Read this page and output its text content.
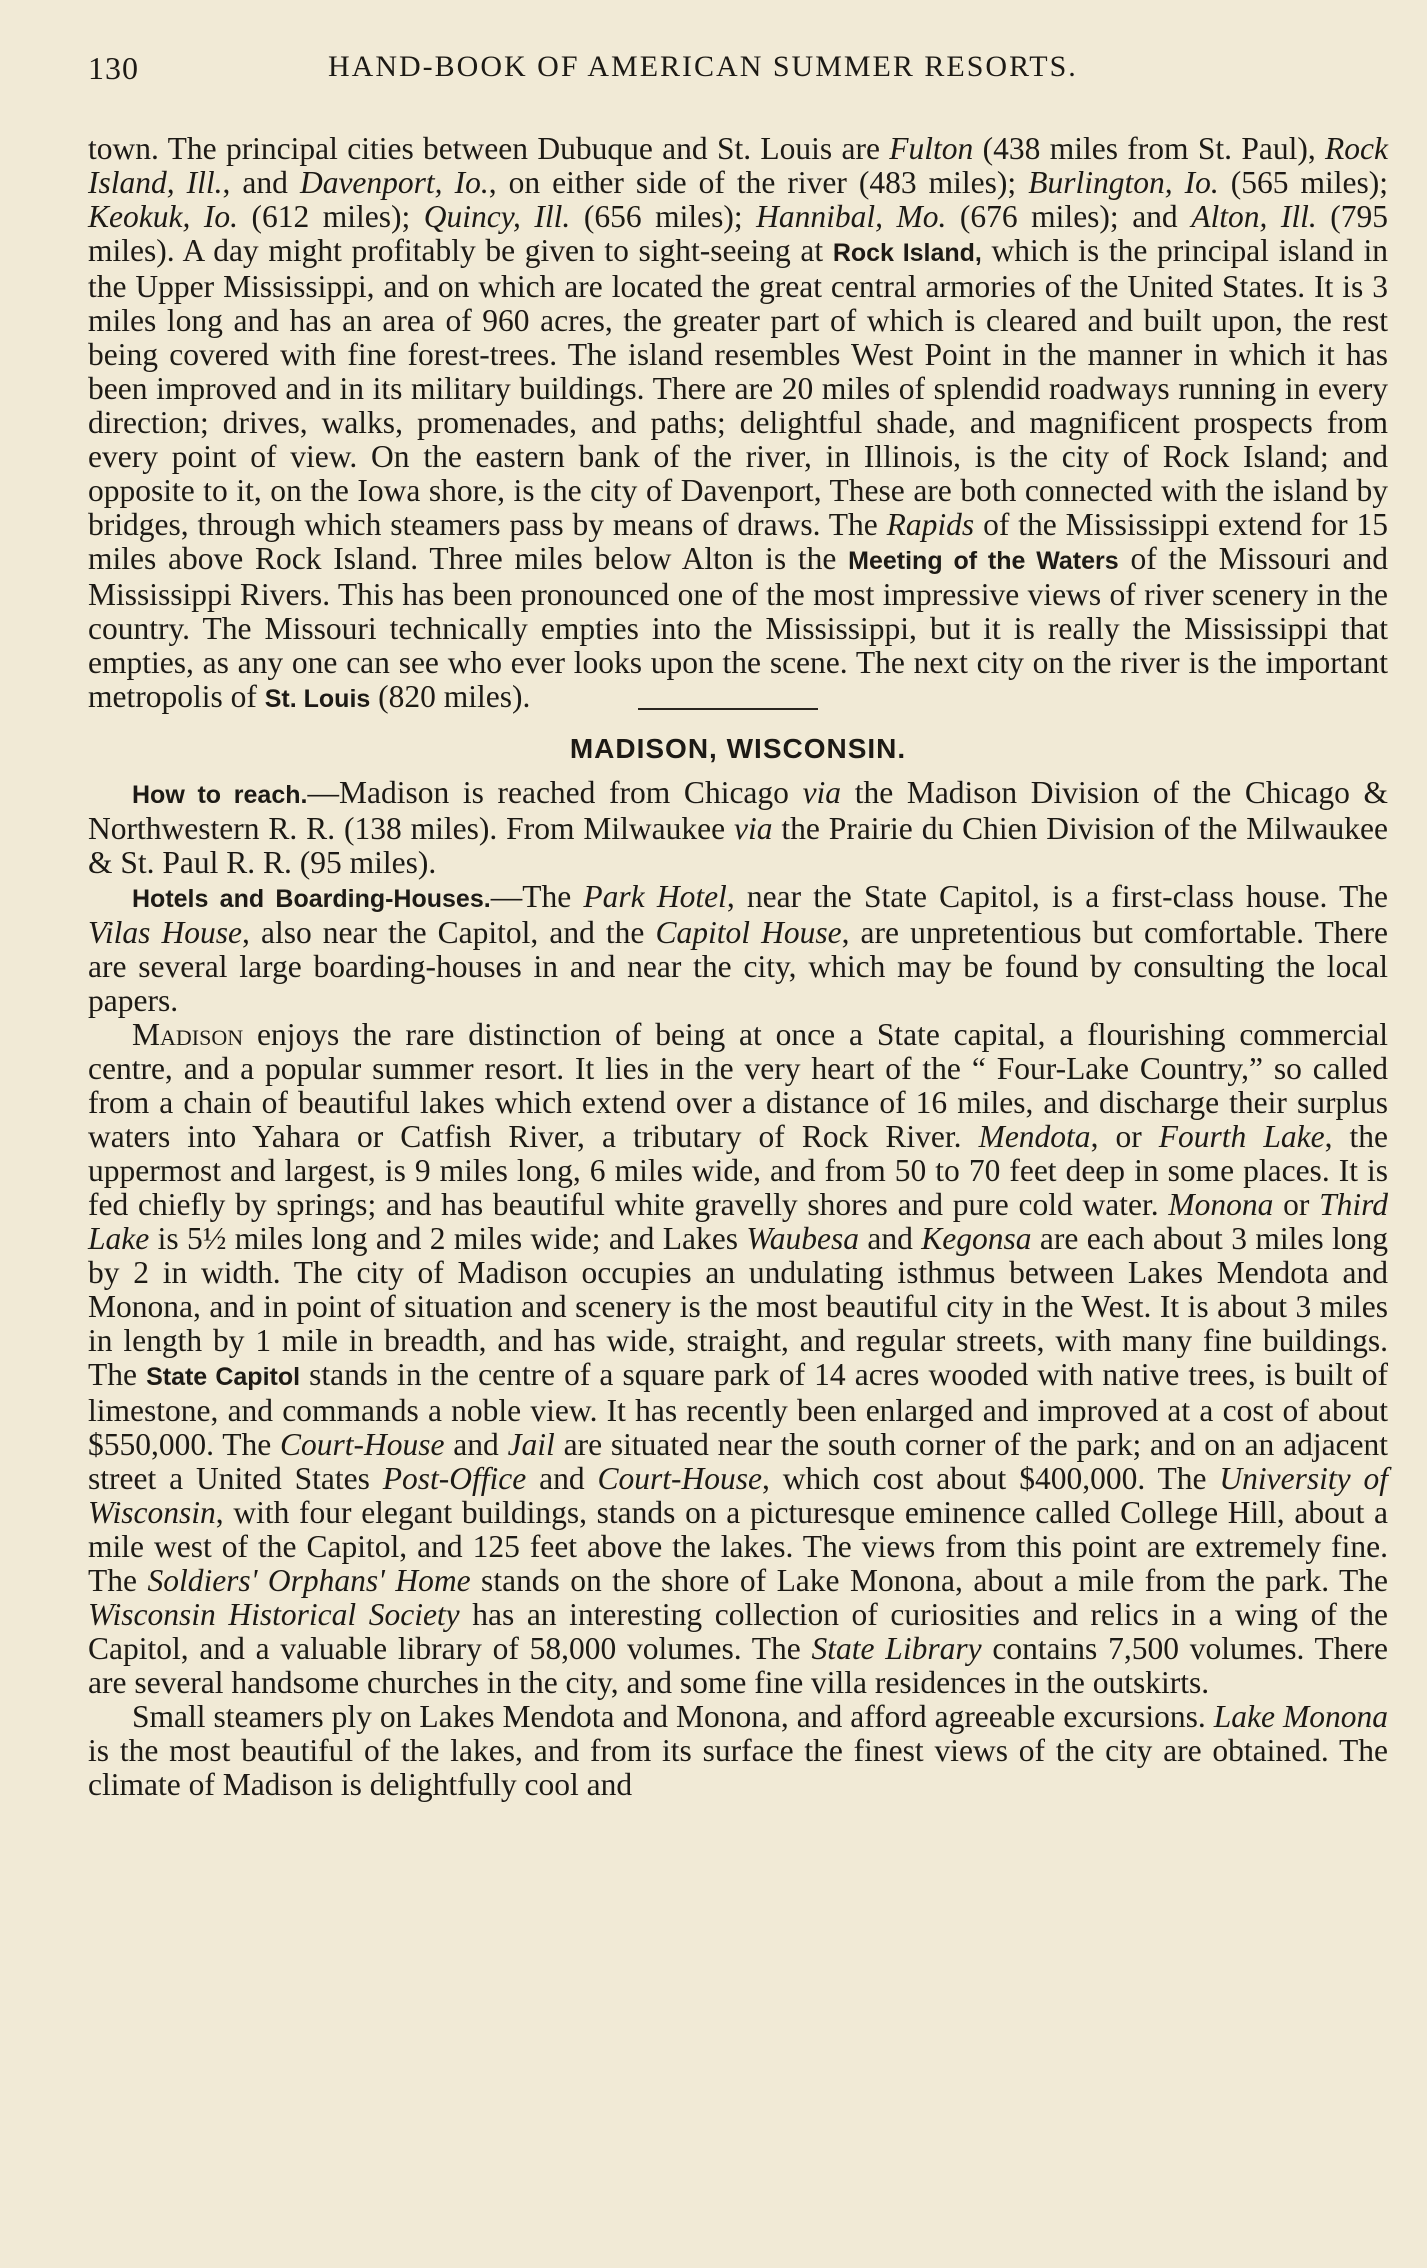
130	HAND-BOOK OF AMERICAN SUMMER RESORTS.

town. The principal cities between Dubuque and St. Louis are Fulton (438 miles from St. Paul), Rock Island, Ill., and Davenport, Io., on either side of the river (483 miles); Burlington, Io. (565 miles); Keokuk, Io. (612 miles); Quincy, Ill. (656 miles); Hannibal, Mo. (676 miles); and Alton, Ill. (795 miles). A day might profitably be given to sight-seeing at Rock Island, which is the principal island in the Upper Mississippi, and on which are located the great central armories of the United States. It is 3 miles long and has an area of 960 acres, the greater part of which is cleared and built upon, the rest being covered with fine forest-trees. The island resembles West Point in the manner in which it has been improved and in its military buildings. There are 20 miles of splendid roadways running in every direction; drives, walks, promenades, and paths; delightful shade, and magnificent prospects from every point of view. On the eastern bank of the river, in Illinois, is the city of Rock Island; and opposite to it, on the Iowa shore, is the city of Davenport, These are both connected with the island by bridges, through which steamers pass by means of draws. The Rapids of the Mississippi extend for 15 miles above Rock Island. Three miles below Alton is the Meeting of the Waters of the Missouri and Mississippi Rivers. This has been pronounced one of the most impressive views of river scenery in the country. The Missouri technically empties into the Mississippi, but it is really the Mississippi that empties, as any one can see who ever looks upon the scene. The next city on the river is the important metropolis of St. Louis (820 miles).

MADISON, WISCONSIN.

How to reach.—Madison is reached from Chicago via the Madison Division of the Chicago & Northwestern R. R. (138 miles). From Milwaukee via the Prairie du Chien Division of the Milwaukee & St. Paul R. R. (95 miles).

Hotels and Boarding-Houses.—The Park Hotel, near the State Capitol, is a first-class house. The Vilas House, also near the Capitol, and the Capitol House, are unpretentious but comfortable. There are several large boarding-houses in and near the city, which may be found by consulting the local papers.

Madison enjoys the rare distinction of being at once a State capital, a flourishing commercial centre, and a popular summer resort. It lies in the very heart of the “ Four-Lake Country,” so called from a chain of beautiful lakes which extend over a distance of 16 miles, and discharge their surplus waters into Yahara or Catfish River, a tributary of Rock River. Mendota, or Fourth Lake, the uppermost and largest, is 9 miles long, 6 miles wide, and from 50 to 70 feet deep in some places. It is fed chiefly by springs; and has beautiful white gravelly shores and pure cold water. Monona or Third Lake is 5½ miles long and 2 miles wide; and Lakes Waubesa and Kegonsa are each about 3 miles long by 2 in width. The city of Madison occupies an undulating isthmus between Lakes Mendota and Monona, and in point of situation and scenery is the most beautiful city in the West. It is about 3 miles in length by 1 mile in breadth, and has wide, straight, and regular streets, with many fine buildings. The State Capitol stands in the centre of a square park of 14 acres wooded with native trees, is built of limestone, and commands a noble view. It has recently been enlarged and improved at a cost of about $550,000. The Court-House and Jail are situated near the south corner of the park; and on an adjacent street a United States Post-Office and Court-House, which cost about $400,000. The University of Wisconsin, with four elegant buildings, stands on a picturesque eminence called College Hill, about a mile west of the Capitol, and 125 feet above the lakes. The views from this point are extremely fine. The Soldiers' Orphans' Home stands on the shore of Lake Monona, about a mile from the park. The Wisconsin Historical Society has an interesting collection of curiosities and relics in a wing of the Capitol, and a valuable library of 58,000 volumes. The State Library contains 7,500 volumes. There are several handsome churches in the city, and some fine villa residences in the outskirts.

Small steamers ply on Lakes Mendota and Monona, and afford agreeable excursions. Lake Monona is the most beautiful of the lakes, and from its surface the finest views of the city are obtained. The climate of Madison is delightfully cool and
